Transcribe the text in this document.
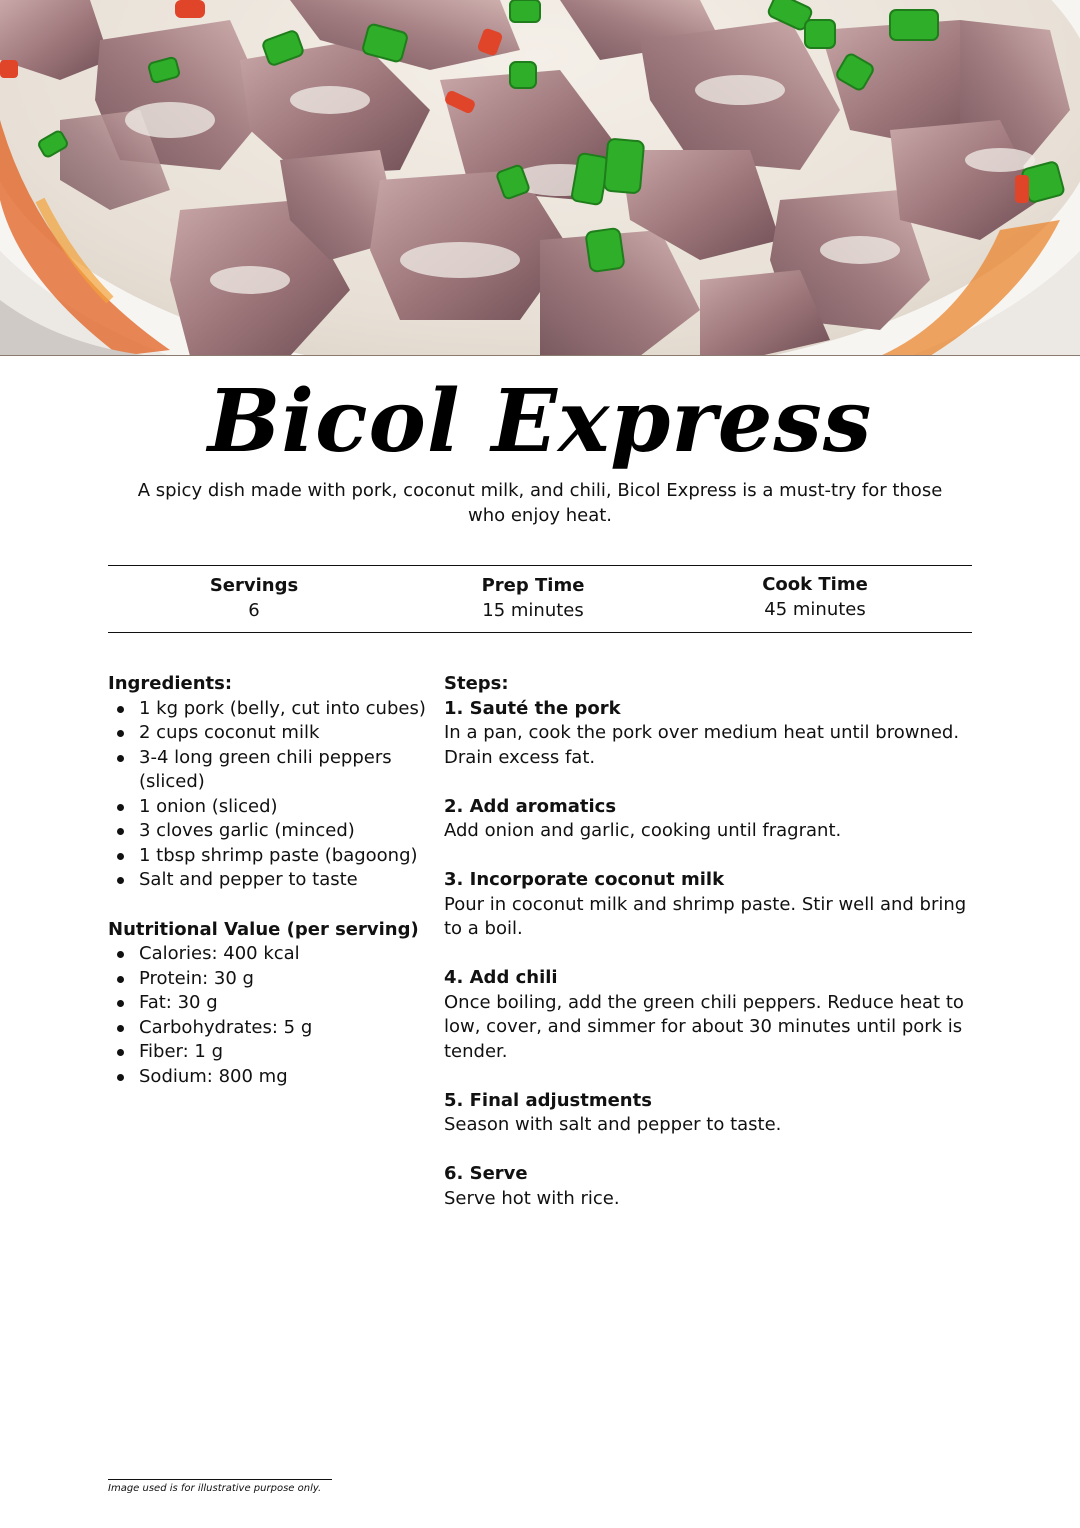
Bicol Express

A spicy dish made with pork, coconut milk, and chili, Bicol Express is a must-try for those who enjoy heat.

Servings
6
Prep Time
15 minutes
Cook Time
45 minutes
Ingredients:
1 kg pork (belly, cut into cubes)
2 cups coconut milk
3-4 long green chili peppers (sliced)
1 onion (sliced)
3 cloves garlic (minced)
1 tbsp shrimp paste (bagoong)
Salt and pepper to taste
Nutritional Value (per serving)
Calories: 400 kcal
Protein: 30 g
Fat: 30 g
Carbohydrates: 5 g
Fiber: 1 g
Sodium: 800 mg
Steps:
1. Sauté the pork
In a pan, cook the pork over medium heat until browned. Drain excess fat.
2. Add aromatics
Add onion and garlic, cooking until fragrant.
3. Incorporate coconut milk
Pour in coconut milk and shrimp paste. Stir well and bring to a boil.
4. Add chili
Once boiling, add the green chili peppers. Reduce heat to low, cover, and simmer for about 30 minutes until pork is tender.
5. Final adjustments
Season with salt and pepper to taste.
6. Serve
Serve hot with rice.
Image used is for illustrative purpose only.
